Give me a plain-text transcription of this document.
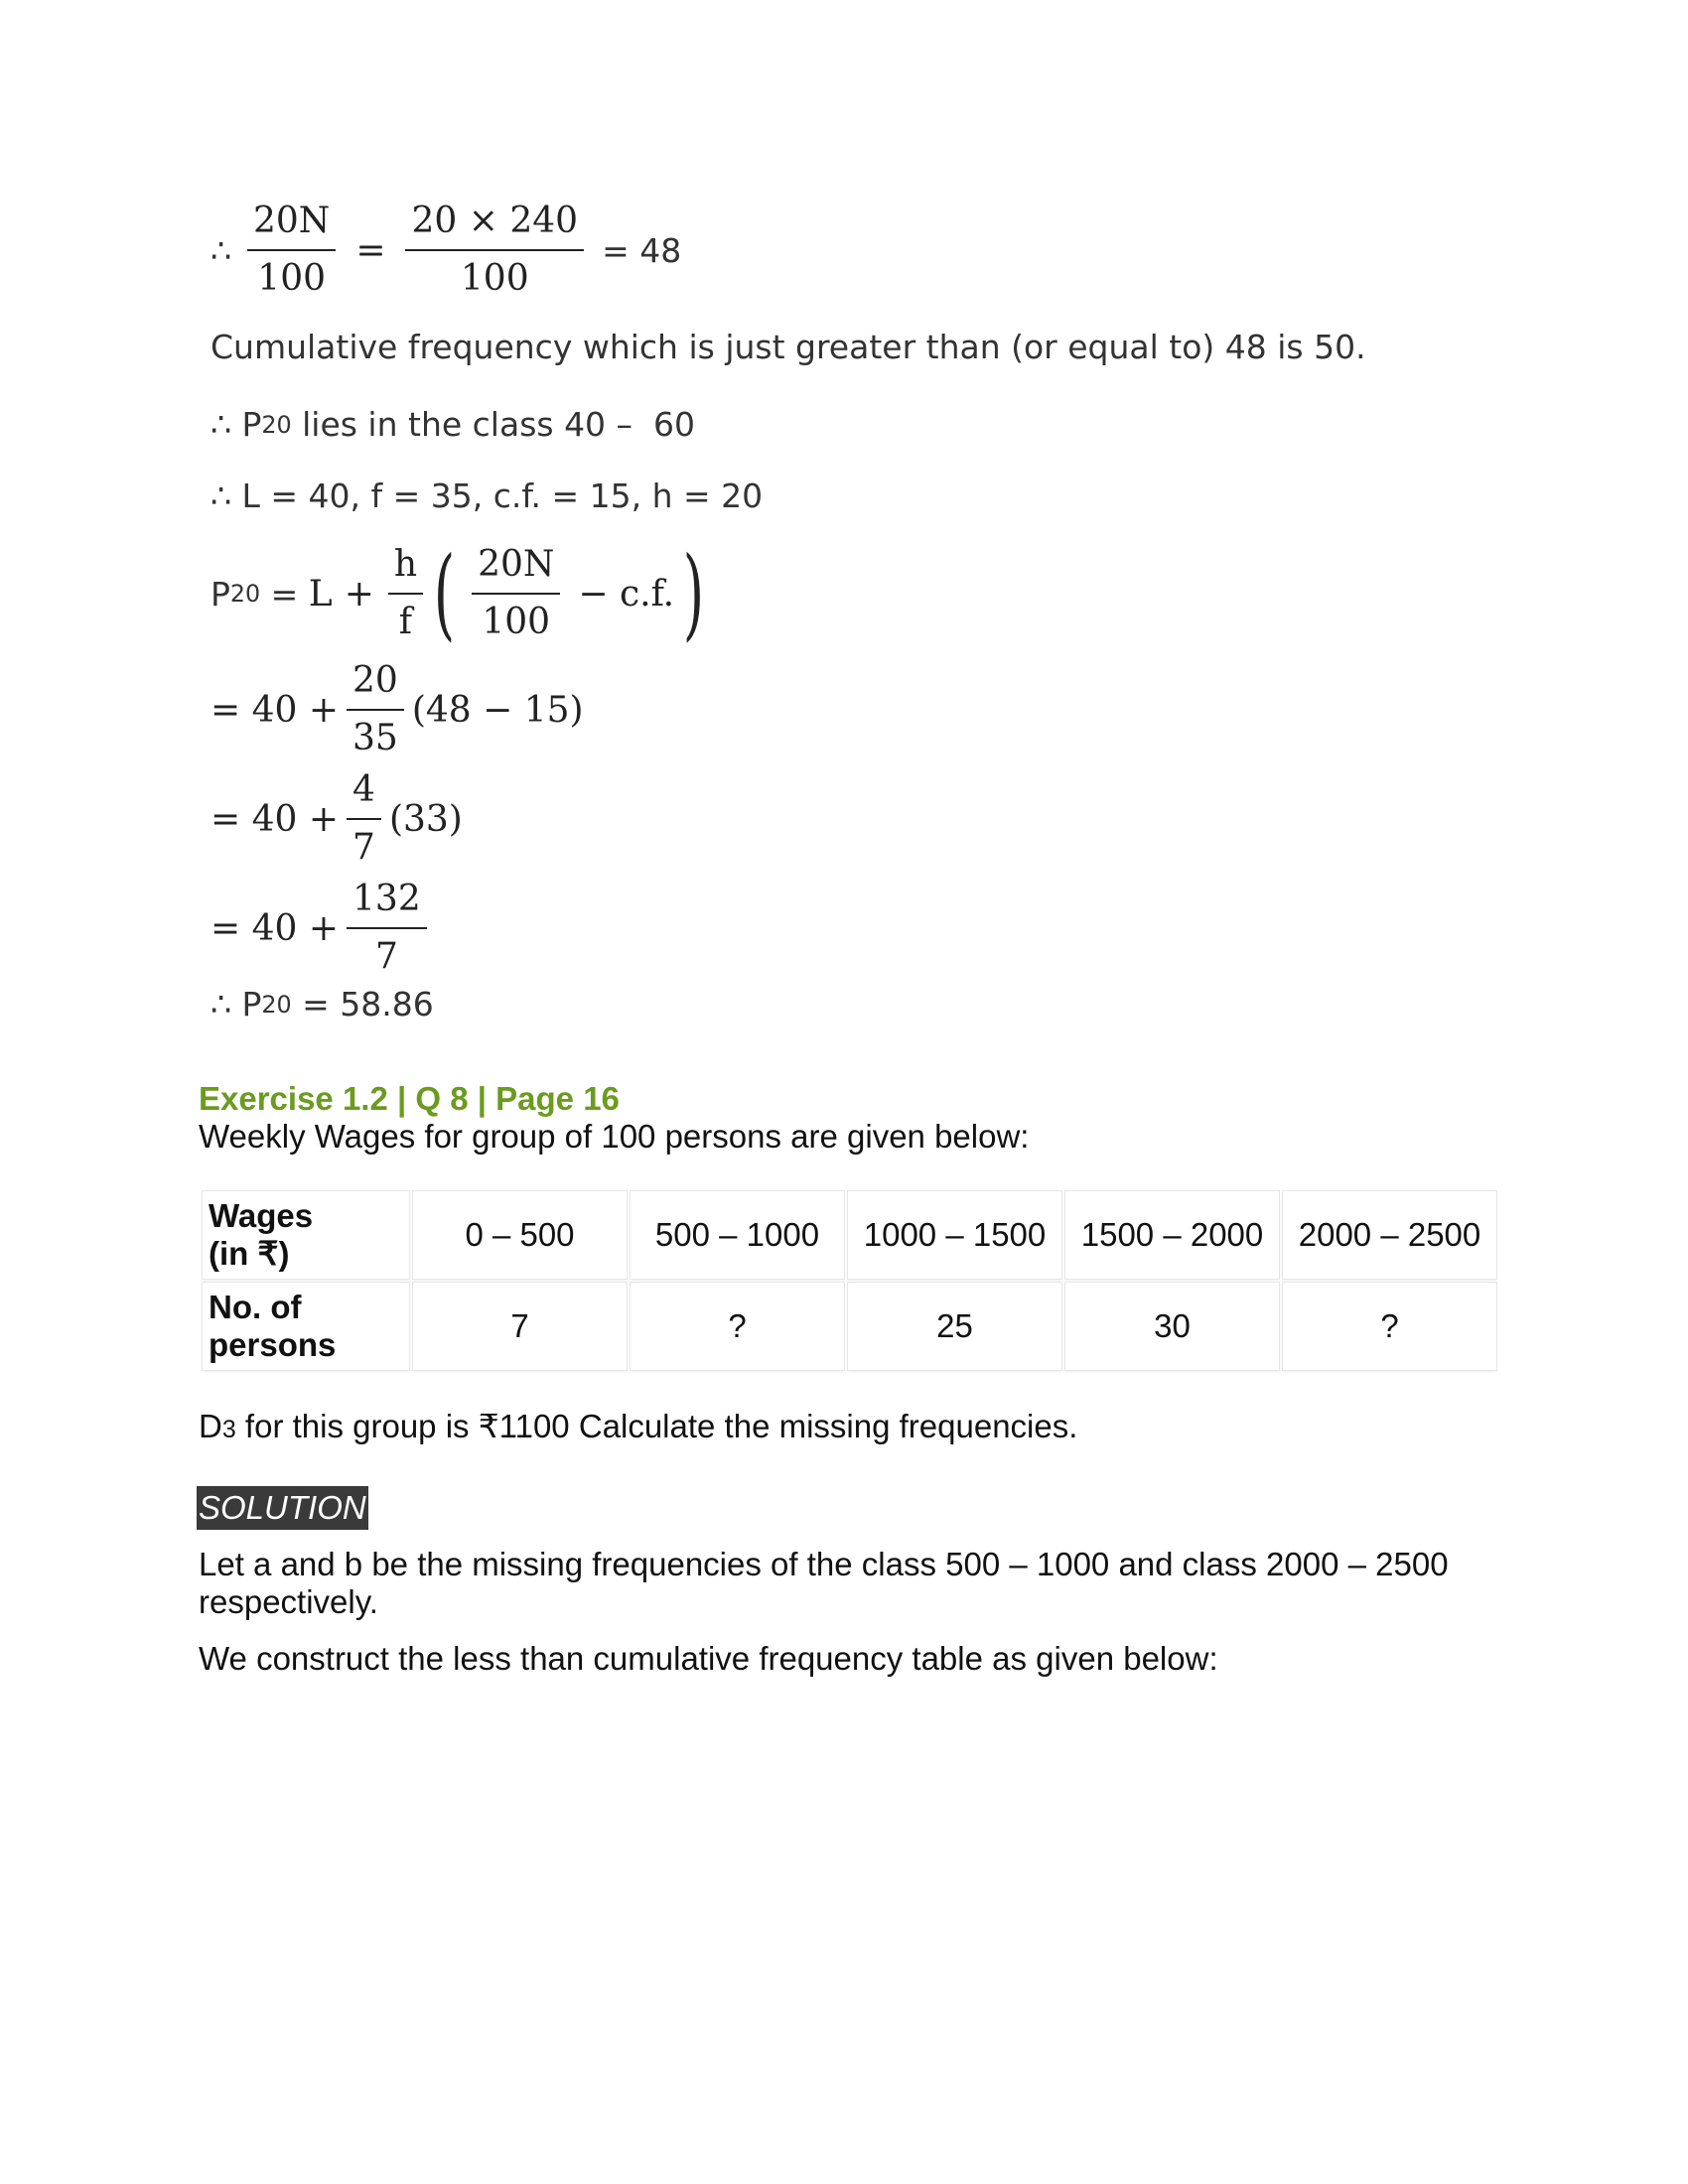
∴ $\frac{20N}{100} = \frac{20 \times 240}{100} = 48$
Cumulative frequency which is just greater than (or equal to) 48 is 50.
∴ P 20 lies in the class 40 –  60
∴ L = 40, f = 35, c.f. = 15, h = 20
P $20 = L + \frac{h}{f}$ ( $\frac{20N}{100} - c.f$. )
= $40 + \frac{20}{35} (48 - 15)$
= $40 + \frac{4}{7} (33)$
= $40 + \frac{132}{7}$
∴ P 20 = 58.86
Exercise 1.2 | Q 8 | Page 16
Weekly Wages for group of 100 persons are given below:
Wages
(in ₹)	0 – 500	500 – 1000	1000 – 1500	1500 – 2000	2000 – 2500

No. of
persons	7	?	25	30	?
D3 for this group is ₹1100 Calculate the missing frequencies.
SOLUTION
Let a and b be the missing frequencies of the class 500 – 1000 and class 2000 – 2500
respectively.
We construct the less than cumulative frequency table as given below:
